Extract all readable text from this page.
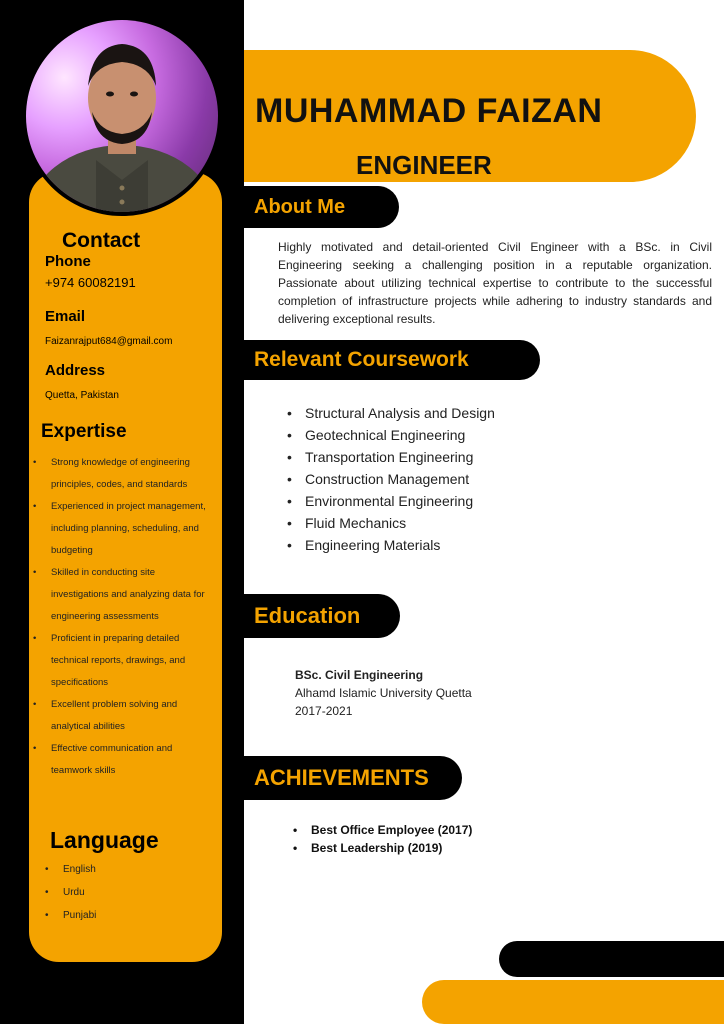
Contact
Phone
+974 60082191
Email
Faizanrajput684@gmail.com
Address
Quetta, Pakistan
Expertise
• Strong knowledge of engineering principles, codes, and standards
• Experienced in project management, including planning, scheduling, and budgeting
• Skilled in conducting site investigations and analyzing data for engineering assessments
• Proficient in preparing detailed technical reports, drawings, and specifications
• Excellent problem solving and analytical abilities
• Effective communication and teamwork skills
Language
• English
• Urdu
• Punjabi
MUHAMMAD FAIZAN
ENGINEER
About Me
Highly motivated and detail-oriented Civil Engineer with a BSc. in Civil Engineering seeking a challenging position in a reputable organization. Passionate about utilizing technical expertise to contribute to the successful completion of infrastructure projects while adhering to industry standards and delivering exceptional results.
Relevant Coursework
• Structural Analysis and Design
• Geotechnical Engineering
• Transportation Engineering
• Construction Management
• Environmental Engineering
• Fluid Mechanics
• Engineering Materials
Education
BSc. Civil Engineering
Alhamd Islamic University Quetta
2017-2021
ACHIEVEMENTS
• Best Office Employee (2017)
• Best Leadership (2019)
